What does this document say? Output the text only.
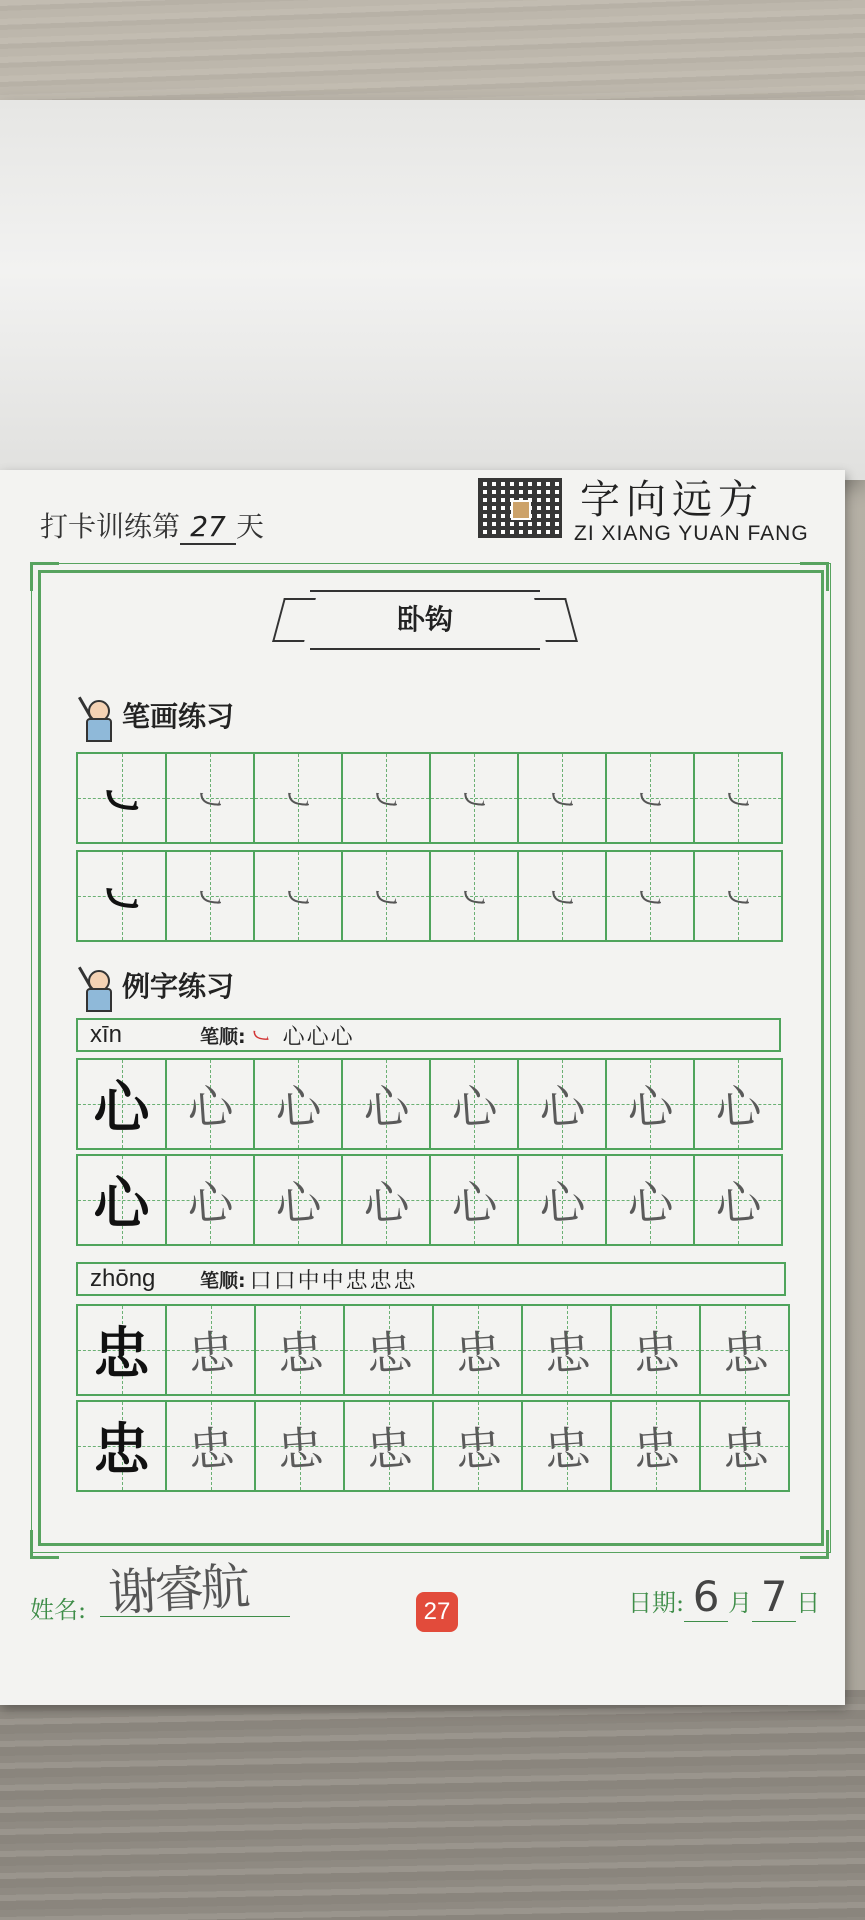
打卡训练第 27 天
字向远方
ZI XIANG YUAN FANG
卧钩
笔画练习
㇃ ㇃ ㇃ ㇃ ㇃ ㇃ ㇃ ㇃
㇃ ㇃ ㇃ ㇃ ㇃ ㇃ ㇃ ㇃
例字练习
xīn	笔顺: ㇃ 心心心
心 心 心 心 心 心 心 心
心 心 心 心 心 心 心 心
zhōng	笔顺: 口口中中忠忠忠
忠 忠 忠 忠 忠 忠 忠 忠
忠 忠 忠 忠 忠 忠 忠 忠
姓名: 谢睿航	27	日期: 6 月 7 日
